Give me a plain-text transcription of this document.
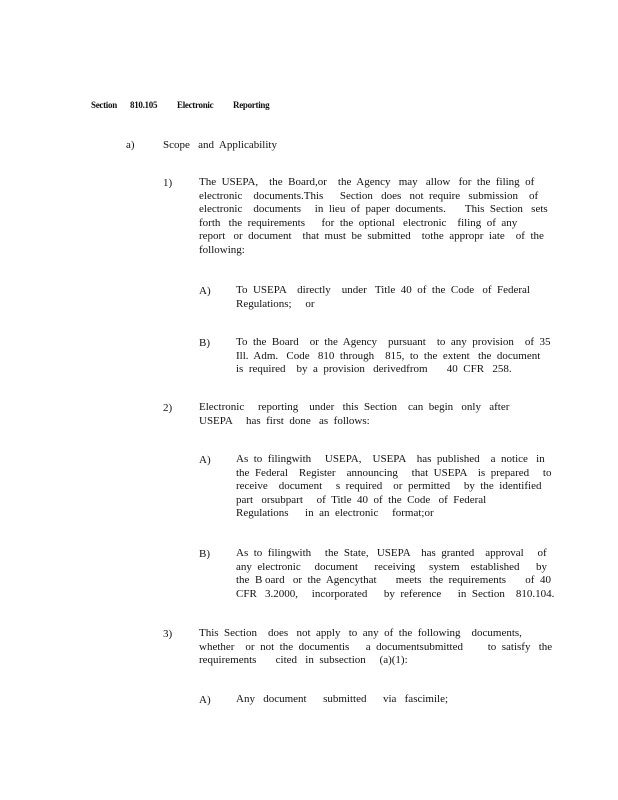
Section 810.105 Electronic Reporting
a)	Scope   and  Applicability
1) The  USEPA,    the  Board,or    the  Agency   may   allow   for  the  filing  of
electronic    documents.This      Section   does   not  require   submission    of
electronic    documents     in  lieu  of  paper  documents.       This  Section   sets
forth   the  requirements      for  the  optional   electronic    filing  of  any
report   or  document    that  must  be  submitted    tothe  appropr  iate    of  the
following:
A) To  USEPA    directly    under   Title  40  of  the  Code   of  Federal
Regulations;     or
B) To  the  Board    or  the  Agency    pursuant    to  any  provision    of  35
Ill.  Adm.   Code   810  through    815,  to  the  extent   the  document
is  required    by  a  provision   derivedfrom       40  CFR   258.
2) Electronic     reporting    under   this  Section    can  begin   only   after
USEPA     has  first  done   as  follows:
A) As  to  filingwith     USEPA,    USEPA    has  published    a  notice   in
the  Federal    Register    announcing     that  USEPA    is  prepared     to
receive    document     s  required    or  permitted     by  the  identified
part   orsubpart     of  Title  40  of  the  Code   of  Federal
Regulations      in  an  electronic     format;or
B) As  to  filingwith     the  State,   USEPA    has  granted    approval     of
any  electronic     document      receiving     system    established      by
the  B oard   or  the  Agencythat       meets   the  requirements       of  40
CFR   3.2000,     incorporated      by  reference      in  Section    810.104.
3) This  Section    does   not  apply   to  any  of  the  following    documents,
whether    or  not  the  documentis      a  documentsubmitted         to  satisfy   the
requirements       cited   in  subsection     (a)(1):
A) Any   document      submitted      via   fascimile;
